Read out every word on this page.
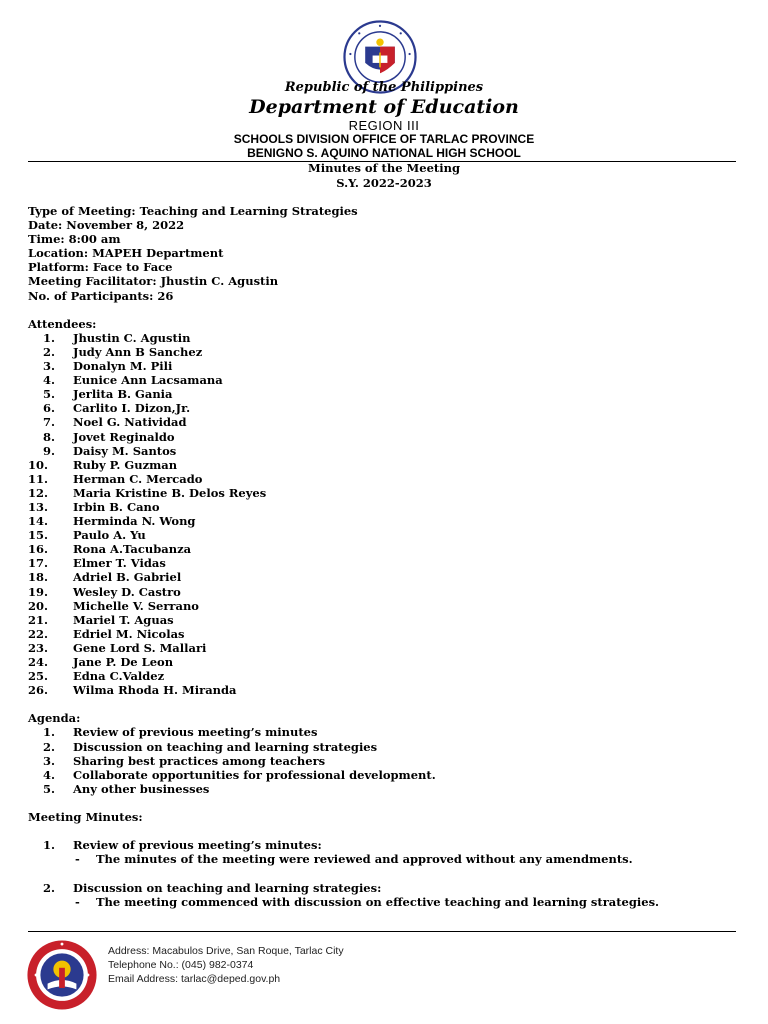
Republic of the Philippines
Department of Education
REGION III
SCHOOLS DIVISION OFFICE OF TARLAC PROVINCE
BENIGNO S. AQUINO NATIONAL HIGH SCHOOL
Minutes of the Meeting
S.Y. 2022-2023
Type of Meeting: Teaching and Learning Strategies
Date: November 8, 2022
Time: 8:00 am
Location: MAPEH Department
Platform: Face to Face
Meeting Facilitator: Jhustin C. Agustin
No. of Participants: 26
Attendees:
1.	Jhustin C. Agustin
2.	Judy Ann B Sanchez
3.	Donalyn M. Pili
4.	Eunice Ann Lacsamana
5.	Jerlita B. Gania
6.	Carlito I. Dizon,Jr.
7.	Noel G. Natividad
8.	Jovet Reginaldo
9.	Daisy M. Santos
10.	Ruby P. Guzman
11.	Herman C. Mercado
12.	Maria Kristine B. Delos Reyes
13.	Irbin B. Cano
14.	Herminda N. Wong
15.	Paulo A. Yu
16.	Rona A.Tacubanza
17.	Elmer T. Vidas
18.	Adriel B. Gabriel
19.	Wesley D. Castro
20.	Michelle V. Serrano
21.	Mariel T. Aguas
22.	Edriel M. Nicolas
23.	Gene Lord S. Mallari
24.	Jane P. De Leon
25.	Edna C.Valdez
26.	Wilma Rhoda H. Miranda
Agenda:
1.	Review of previous meeting’s minutes
2.	Discussion on teaching and learning strategies
3.	Sharing best practices among teachers
4.	Collaborate opportunities for professional development.
5.	Any other businesses
Meeting Minutes:
1.	Review of previous meeting’s minutes:
- The minutes of the meeting were reviewed and approved without any amendments.
2.	Discussion on teaching and learning strategies:
- The meeting commenced with discussion on effective teaching and learning strategies.
Address: Macabulos Drive, San Roque, Tarlac City
Telephone No.: (045) 982-0374
Email Address: tarlac@deped.gov.ph
